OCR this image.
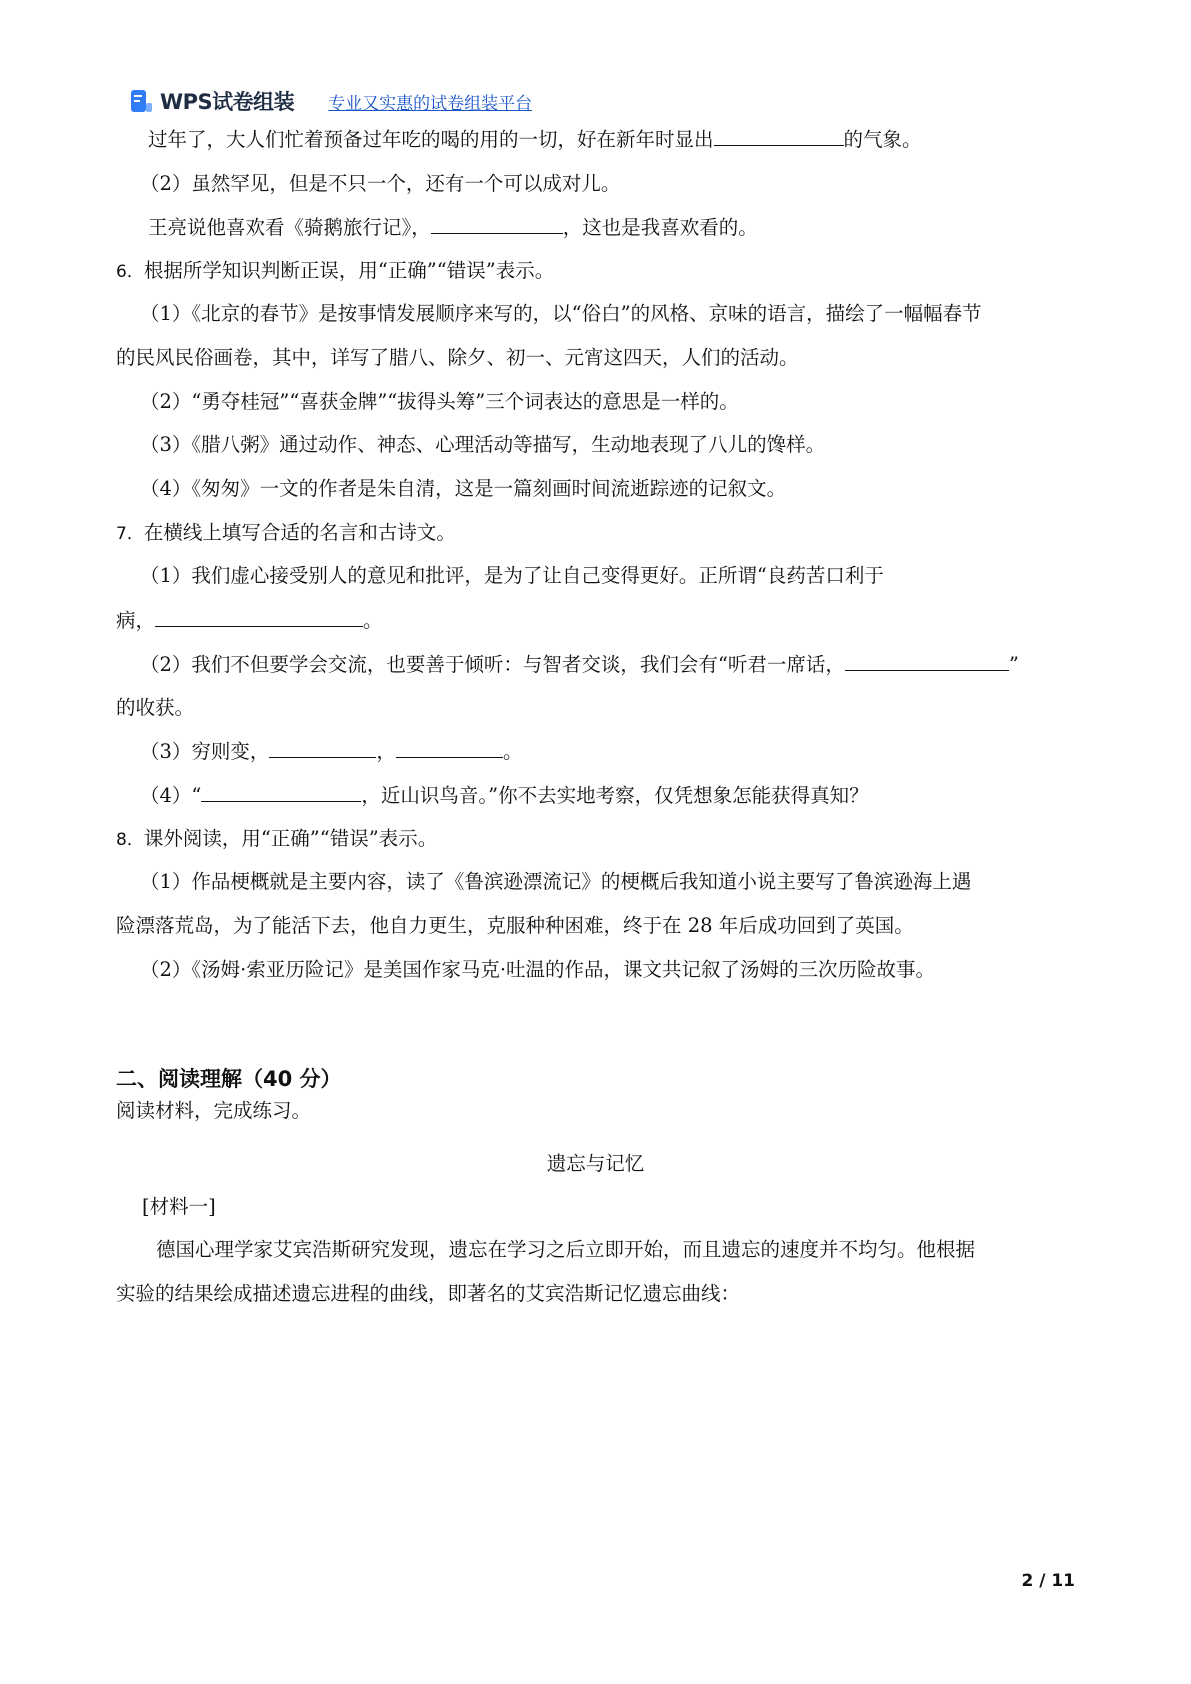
WPS试卷组装 专业又实惠的试卷组装平台
过年了，大人们忙着预备过年吃的喝的用的一切，好在新年时显出	的气象。
（2）虽然罕见，但是不只一个，还有一个可以成对儿。
王亮说他喜欢看《骑鹅旅行记》，	，这也是我喜欢看的。
6．根据所学知识判断正误，用“正确”“错误”表示。
（1）《北京的春节》是按事情发展顺序来写的，以“俗白”的风格、京味的语言，描绘了一幅幅春节
的民风民俗画卷，其中，详写了腊八、除夕、初一、元宵这四天，人们的活动。
（2）“勇夺桂冠”“喜获金牌”“拔得头筹”三个词表达的意思是一样的。
（3）《腊八粥》通过动作、神态、心理活动等描写，生动地表现了八儿的馋样。
（4）《匆匆》一文的作者是朱自清，这是一篇刻画时间流逝踪迹的记叙文。
7．在横线上填写合适的名言和古诗文。
（1）我们虚心接受别人的意见和批评，是为了让自己变得更好。正所谓“良药苦口利于
病，	。
（2）我们不但要学会交流，也要善于倾听：与智者交谈，我们会有“听君一席话，	”
的收获。
（3）穷则变，	，	。
（4）“	，近山识鸟音。”你不去实地考察，仅凭想象怎能获得真知？
8．课外阅读，用“正确”“错误”表示。
（1）作品梗概就是主要内容，读了《鲁滨逊漂流记》的梗概后我知道小说主要写了鲁滨逊海上遇
险漂落荒岛，为了能活下去，他自力更生，克服种种困难，终于在 28 年后成功回到了英国。
（2）《汤姆·索亚历险记》是美国作家马克·吐温的作品，课文共记叙了汤姆的三次历险故事。
二、阅读理解（40 分）
阅读材料，完成练习。
遗忘与记忆
[材料一]
德国心理学家艾宾浩斯研究发现，遗忘在学习之后立即开始，而且遗忘的速度并不均匀。他根据
实验的结果绘成描述遗忘进程的曲线，即著名的艾宾浩斯记忆遗忘曲线：
2 / 11
